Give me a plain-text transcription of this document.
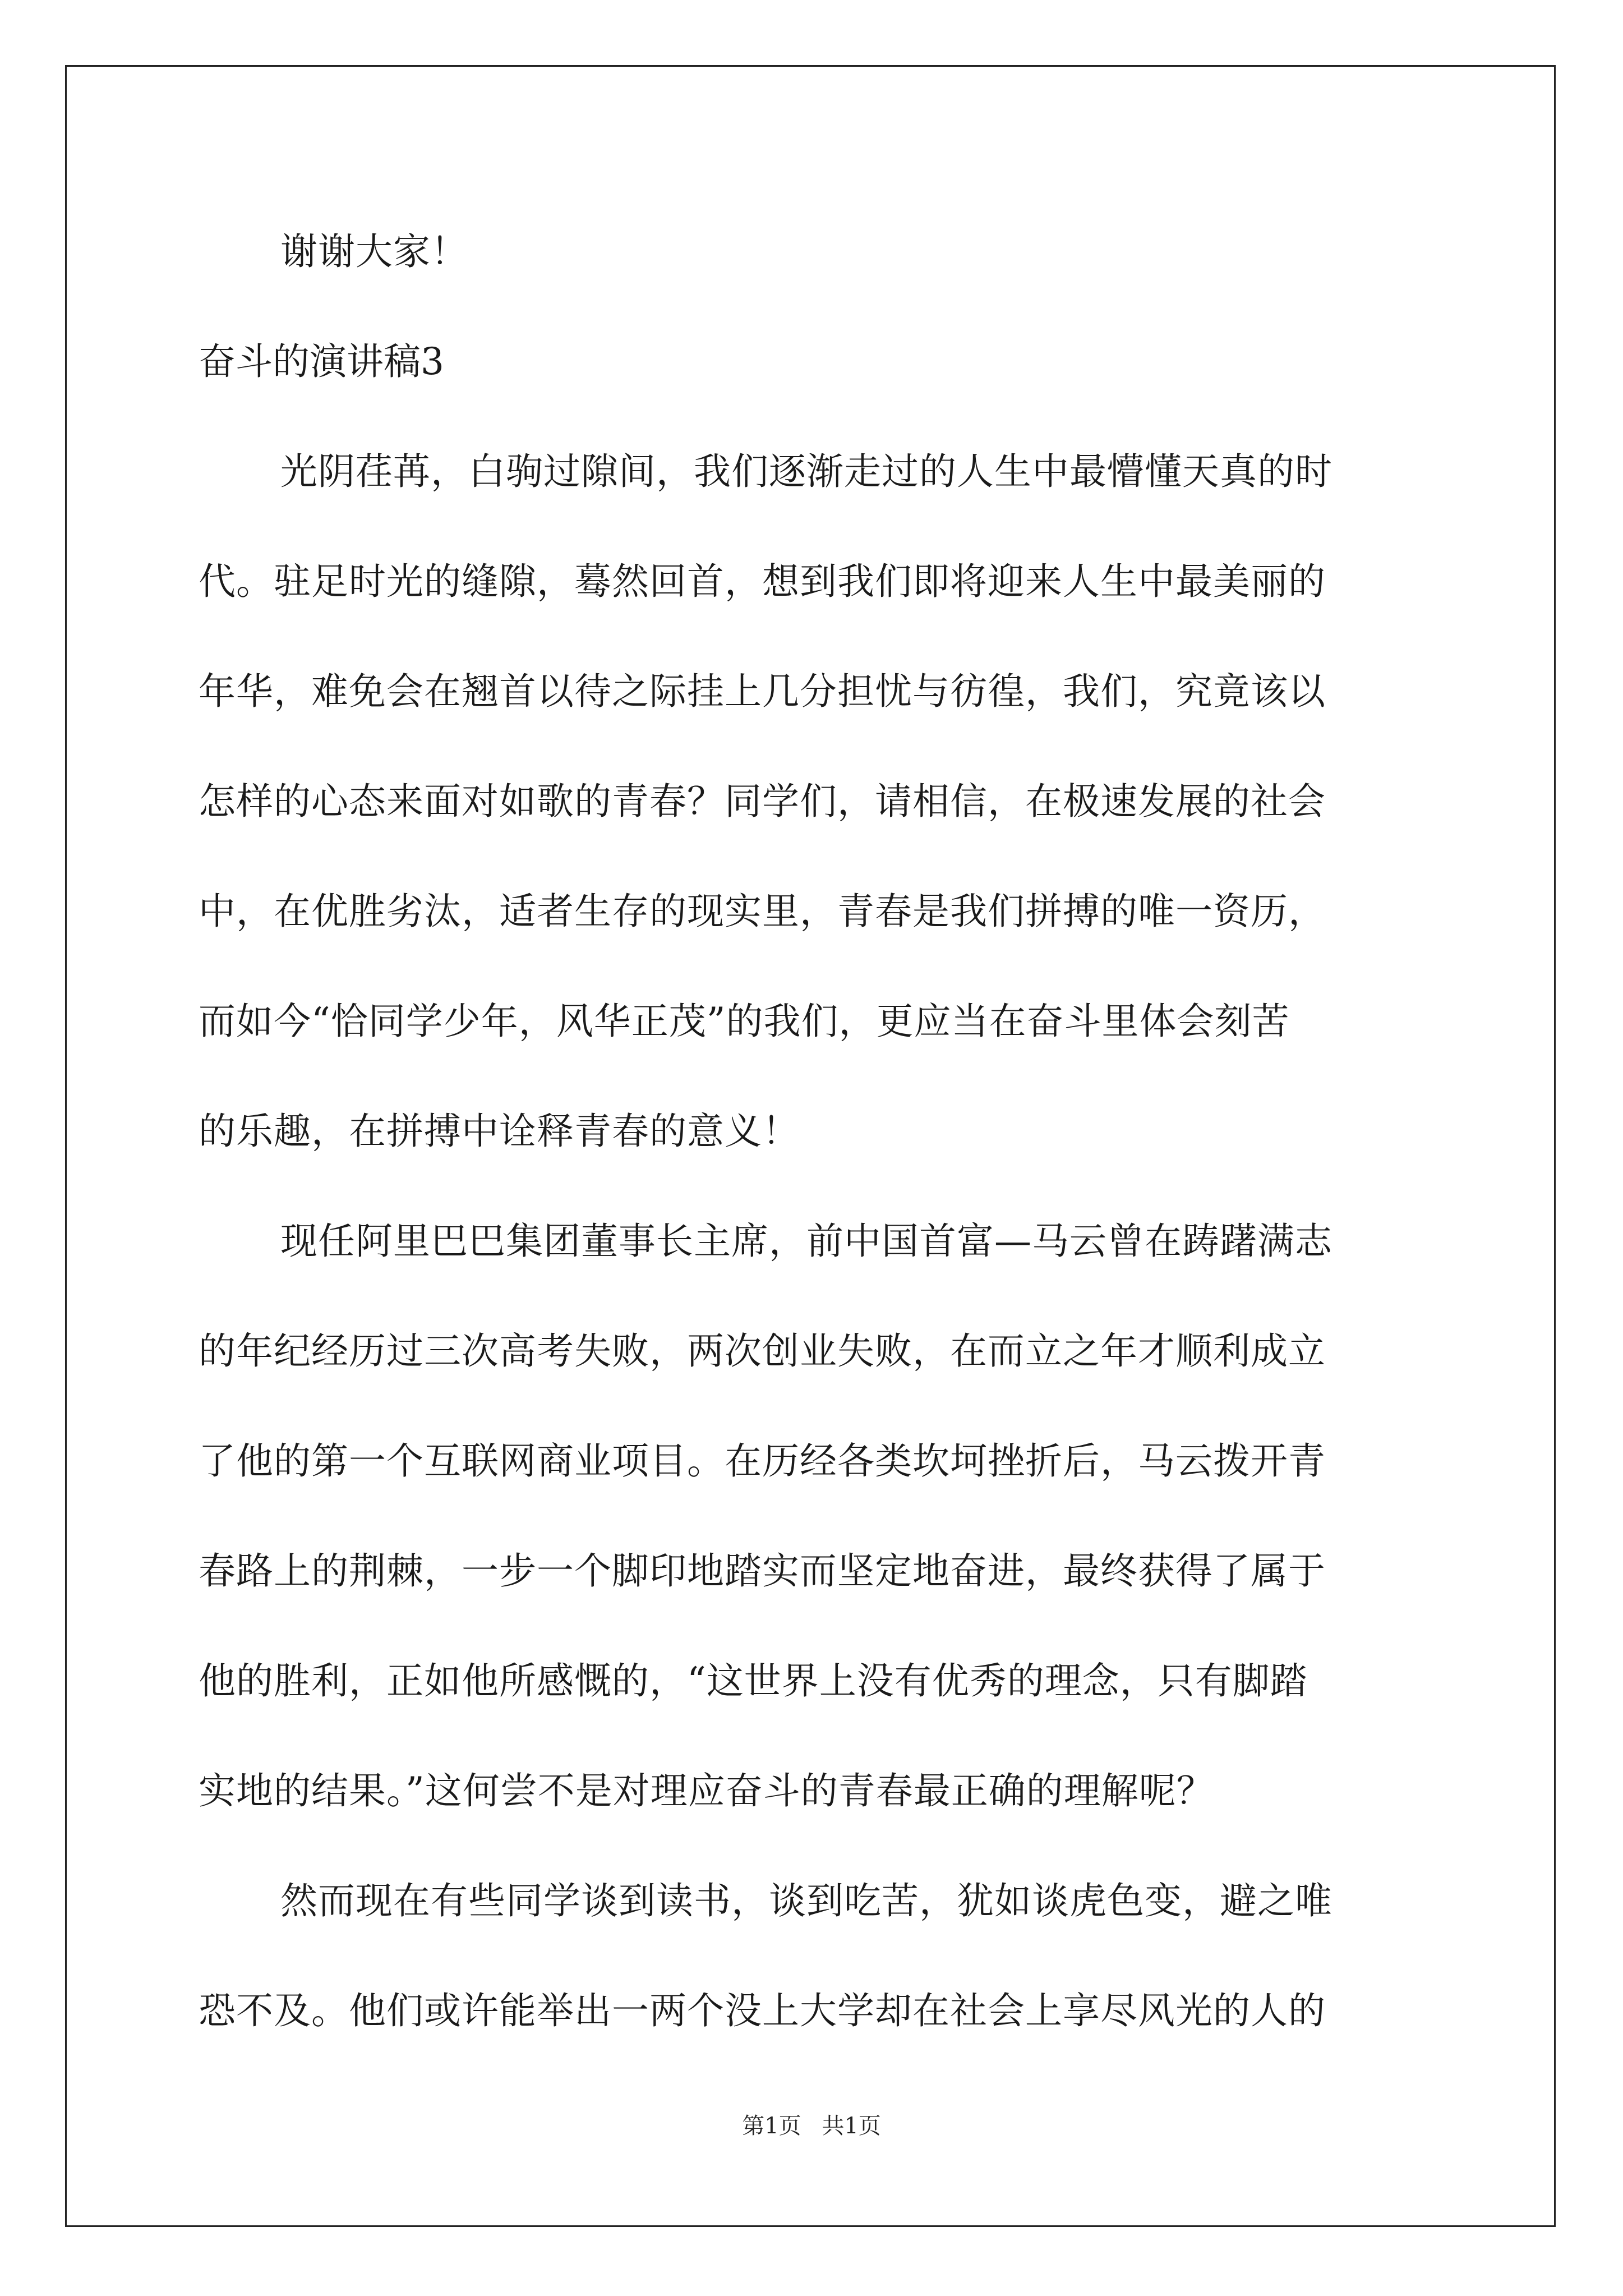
谢谢大家！
奋斗的演讲稿3
光阴荏苒，白驹过隙间，我们逐渐走过的人生中最懵懂天真的时
代。驻足时光的缝隙，蓦然回首，想到我们即将迎来人生中最美丽的
年华，难免会在翘首以待之际挂上几分担忧与彷徨，我们，究竟该以
怎样的心态来面对如歌的青春？同学们，请相信，在极速发展的社会
中，在优胜劣汰，适者生存的现实里，青春是我们拼搏的唯一资历，
而如今“恰同学少年，风华正茂”的我们，更应当在奋斗里体会刻苦
的乐趣，在拼搏中诠释青春的意义！
现任阿里巴巴集团董事长主席，前中国首富—马云曾在踌躇满志
的年纪经历过三次高考失败，两次创业失败，在而立之年才顺利成立
了他的第一个互联网商业项目。在历经各类坎坷挫折后，马云拨开青
春路上的荆棘，一步一个脚印地踏实而坚定地奋进，最终获得了属于
他的胜利，正如他所感慨的，“这世界上没有优秀的理念，只有脚踏
实地的结果。”这何尝不是对理应奋斗的青春最正确的理解呢？
然而现在有些同学谈到读书，谈到吃苦，犹如谈虎色变，避之唯
恐不及。他们或许能举出一两个没上大学却在社会上享尽风光的人的
第1页 共1页
